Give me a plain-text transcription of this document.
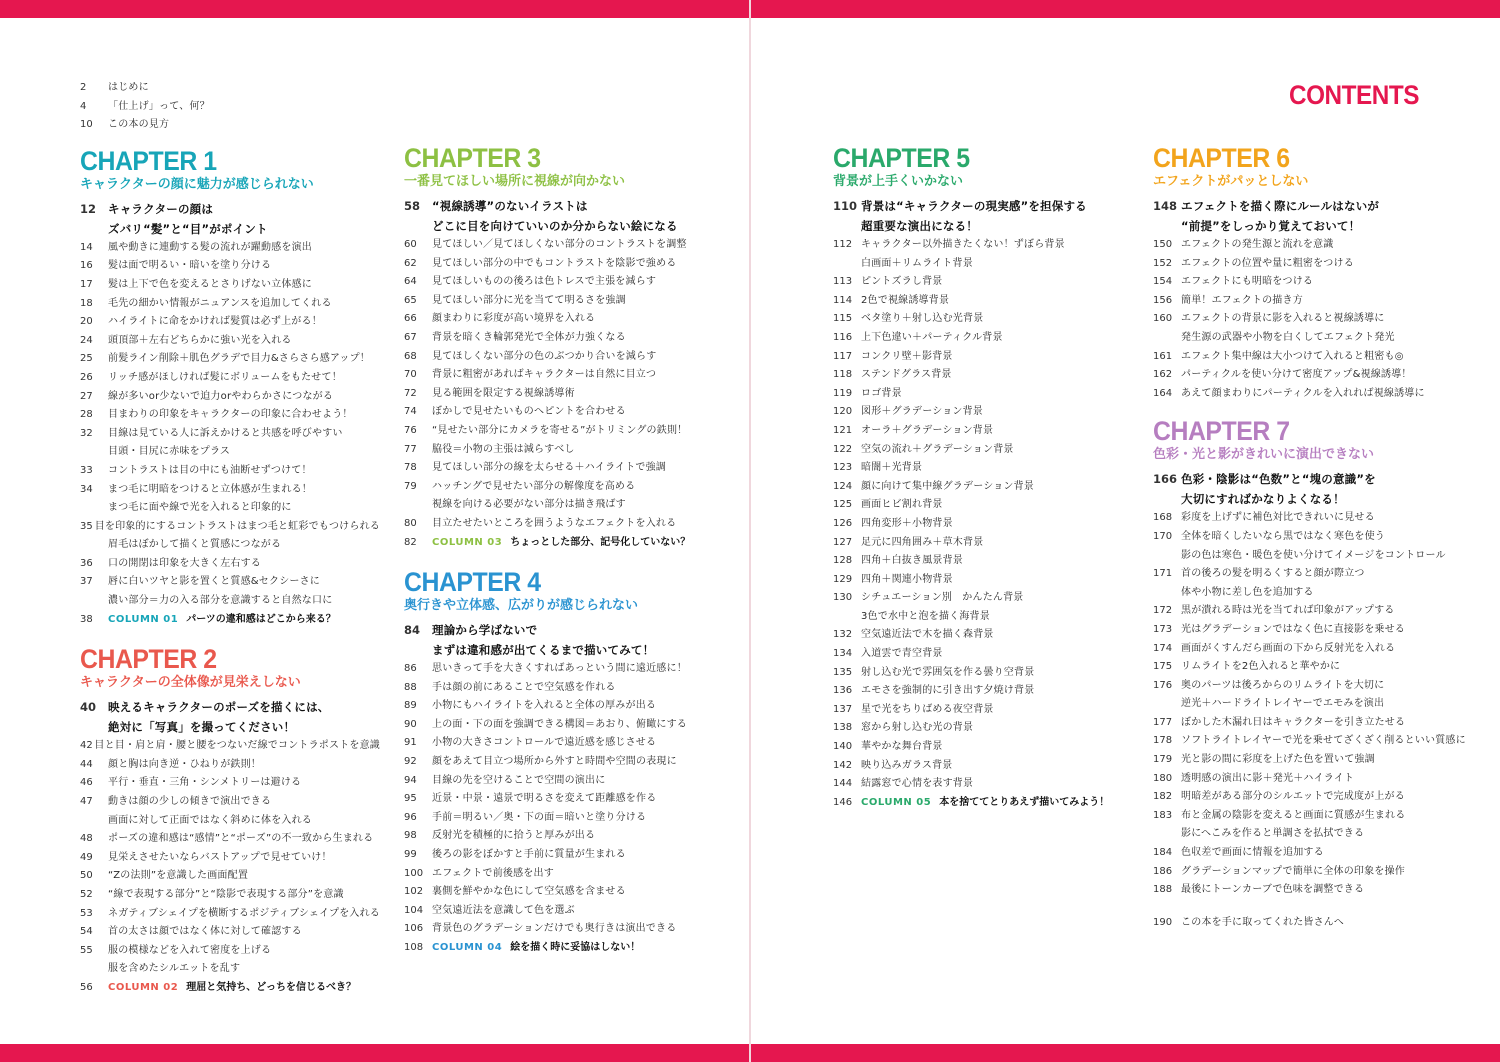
CONTENTS
2	はじめに
4	「仕上げ」って、何？
10	この本の見方
CHAPTER 1
キャラクターの顔に魅力が感じられない
12	キャラクターの顔は
ズバリ“髪”と“目”がポイント
14	風や動きに連動する髪の流れが躍動感を演出
16	髪は面で明るい・暗いを塗り分ける
17	髪は上下で色を変えるとさりげない立体感に
18	毛先の細かい情報がニュアンスを追加してくれる
20	ハイライトに命をかければ髪質は必ず上がる！
24	頭頂部＋左右どちらかに強い光を入れる
25	前髪ライン削除＋肌色グラデで目力&さらさら感アップ！
26	リッチ感がほしければ髪にボリュームをもたせて！
27	線が多いor少ないで迫力orやわらかさにつながる
28	目まわりの印象をキャラクターの印象に合わせよう！
32	目線は見ている人に訴えかけると共感を呼びやすい
目頭・目尻に赤味をプラス
33	コントラストは目の中にも油断せずつけて！
34	まつ毛に明暗をつけると立体感が生まれる！
まつ毛に面や線で光を入れると印象的に
35 目を印象的にするコントラストはまつ毛と虹彩でもつけられる
眉毛はぼかして描くと質感につながる
36	口の開閉は印象を大きく左右する
37	唇に白いツヤと影を置くと質感&セクシーさに
濃い部分＝力の入る部分を意識すると自然な口に
38	COLUMN 01 パーツの違和感はどこから来る？
CHAPTER 2
キャラクターの全体像が見栄えしない
40	映えるキャラクターのポーズを描くには、
絶対に「写真」を撮ってください！
42 目と目・肩と肩・腰と腰をつないだ線でコントラポストを意識
44	顔と胸は向き逆・ひねりが鉄則！
46	平行・垂直・三角・シンメトリーは避ける
47	動きは顔の少しの傾きで演出できる
画面に対して正面ではなく斜めに体を入れる
48	ポーズの違和感は“感情”と“ポーズ”の不一致から生まれる
49	見栄えさせたいならバストアップで見せていけ！
50	“Zの法則”を意識した画面配置
52	“線で表現する部分”と“陰影で表現する部分”を意識
53	ネガティブシェイプを横断するポジティブシェイプを入れる
54	首の太さは顔ではなく体に対して確認する
55	服の模様などを入れて密度を上げる
服を含めたシルエットを乱す
56	COLUMN 02 理屈と気持ち、どっちを信じるべき？
CHAPTER 3
一番見てほしい場所に視線が向かない
58	“視線誘導”のないイラストは
どこに目を向けていいのか分からない絵になる
60	見てほしい／見てほしくない部分のコントラストを調整
62	見てほしい部分の中でもコントラストを陰影で強める
64	見てほしいものの後ろは色トレスで主張を減らす
65	見てほしい部分に光を当てて明るさを強調
66	顔まわりに彩度が高い境界を入れる
67	背景を暗くき輪郭発光で全体が力強くなる
68	見てほしくない部分の色のぶつかり合いを減らす
70	背景に粗密があればキャラクターは自然に目立つ
72	見る範囲を限定する視線誘導術
74	ぼかしで見せたいものへピントを合わせる
76	“見せたい部分にカメラを寄せる”がトリミングの鉄則！
77	脇役＝小物の主張は減らすべし
78	見てほしい部分の線を太らせる＋ハイライトで強調
79	ハッチングで見せたい部分の解像度を高める
視線を向ける必要がない部分は描き飛ばす
80	目立たせたいところを囲うようなエフェクトを入れる
82	COLUMN 03 ちょっとした部分、記号化していない？
CHAPTER 4
奥行きや立体感、広がりが感じられない
84	理論から学ばないで
まずは違和感が出てくるまで描いてみて！
86	思いきって手を大きくすればあっという間に遠近感に！
88	手は顔の前にあることで空気感を作れる
89	小物にもハイライトを入れると全体の厚みが出る
90	上の面・下の面を強調できる構図＝あおり、俯瞰にする
91	小物の大きさコントロールで遠近感を感じさせる
92	顔をあえて目立つ場所から外すと時間や空間の表現に
94	目線の先を空けることで空間の演出に
95	近景・中景・遠景で明るさを変えて距離感を作る
96	手前＝明るい／奥・下の面＝暗いと塗り分ける
98	反射光を積極的に拾うと厚みが出る
99	後ろの影をぼかすと手前に質量が生まれる
100 エフェクトで前後感を出す
102 裏側を鮮やかな色にして空気感を含ませる
104 空気遠近法を意識して色を選ぶ
106 背景色のグラデーションだけでも奥行きは演出できる
108 COLUMN 04 絵を描く時に妥協はしない！
CHAPTER 5
背景が上手くいかない
110 背景は“キャラクターの現実感”を担保する
超重要な演出になる！
112 キャラクター以外描きたくない！ずぼら背景
白画面＋リムライト背景
113 ピントズラし背景
114 2色で視線誘導背景
115 ベタ塗り＋射し込む光背景
116 上下色違い＋パーティクル背景
117 コンクリ壁＋影背景
118 ステンドグラス背景
119 ロゴ背景
120 図形＋グラデーション背景
121 オーラ＋グラデーション背景
122 空気の流れ＋グラデーション背景
123 暗闇＋光背景
124 顔に向けて集中線グラデーション背景
125 画面ヒビ割れ背景
126 四角変形＋小物背景
127 足元に四角囲み＋草木背景
128 四角＋白抜き風景背景
129 四角＋関連小物背景
130 シチュエーション別　かんたん背景
3色で水中と泡を描く海背景
132 空気遠近法で木を描く森背景
134 入道雲で青空背景
135 射し込む光で雰囲気を作る曇り空背景
136 エモさを強制的に引き出す夕焼け背景
137 星で光をちりばめる夜空背景
138 窓から射し込む光の背景
140 華やかな舞台背景
142 映り込みガラス背景
144 結露窓で心情を表す背景
146 COLUMN 05 本を捨ててとりあえず描いてみよう！
CHAPTER 6
エフェクトがパッとしない
148 エフェクトを描く際にルールはないが
“前提”をしっかり覚えておいて！
150 エフェクトの発生源と流れを意識
152 エフェクトの位置や量に粗密をつける
154 エフェクトにも明暗をつける
156 簡単！エフェクトの描き方
160 エフェクトの背景に影を入れると視線誘導に
発生源の武器や小物を白くしてエフェクト発光
161 エフェクト集中線は大小つけて入れると粗密も◎
162 パーティクルを使い分けて密度アップ&視線誘導！
164 あえて顔まわりにパーティクルを入れれば視線誘導に
CHAPTER 7
色彩・光と影がきれいに演出できない
166 色彩・陰影は“色数”と“塊の意識”を
大切にすればかなりよくなる！
168 彩度を上げずに補色対比できれいに見せる
170 全体を暗くしたいなら黒ではなく寒色を使う
影の色は寒色・暖色を使い分けてイメージをコントロール
171 首の後ろの髪を明るくすると顔が際立つ
体や小物に差し色を追加する
172 黒が潰れる時は光を当てれば印象がアップする
173 光はグラデーションではなく色に直接影を乗せる
174 画面がくすんだら画面の下から反射光を入れる
175 リムライトを2色入れると華やかに
176 奥のパーツは後ろからのリムライトを大切に
逆光＋ハードライトレイヤーでエモみを演出
177 ぼかした木漏れ日はキャラクターを引き立たせる
178 ソフトライトレイヤーで光を乗せてざくざく削るといい質感に
179 光と影の間に彩度を上げた色を置いて強調
180 透明感の演出に影＋発光＋ハイライト
182 明暗差がある部分のシルエットで完成度が上がる
183 布と金属の陰影を変えると画面に質感が生まれる
影にへこみを作ると単調さを払拭できる
184 色収差で画面に情報を追加する
186 グラデーションマップで簡単に全体の印象を操作
188 最後にトーンカーブで色味を調整できる
190 この本を手に取ってくれた皆さんへ
